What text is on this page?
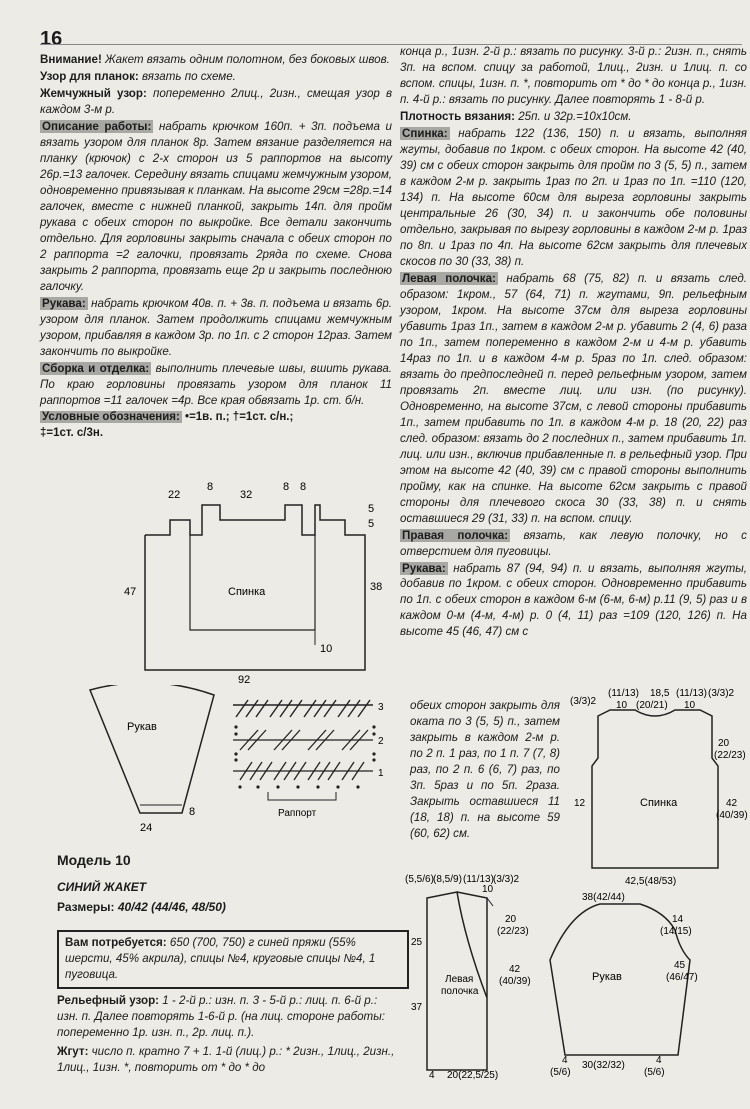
16

Внимание! Жакет вязать одним полотном, без боковых швов.

Узор для планок: вязать по схеме.

Жемчужный узор: попеременно 2лиц., 2изн., смещая узор в каждом 3-м р.

Описание работы: набрать крючком 160п. + 3п. подъема и вязать узором для планок 8р. Затем вязание разделяется на планку (крючок) с 2-х сторон из 5 раппортов на высоту 26р.=13 галочек. Середину вязать спицами жемчужным узором, одновременно привязывая к планкам. На высоте 29см =28р.=14 галочек, вместе с нижней планкой, закрыть 14п. для пройм рукава с обеих сторон по выкройке. Все детали закончить отдельно. Для горловины закрыть сначала с обеих сторон по 2 раппорта =2 галочки, провязать 2ряда по схеме. Снова закрыть 2 раппорта, провязать еще 2р и закрыть последнюю галочку.

Рукава: набрать крючком 40в. п. + 3в. п. подъема и вязать 6р. узором для планок. Затем продолжить спицами жемчужным узором, прибавляя в каждом 3р. по 1п. с 2 сторон 12раз. Затем закончить по выкройке.

Сборка и отделка: выполнить плечевые швы, вшить рукава. По краю горловины провязать узором для планок 11 раппортов =11 галочек =4р. Все края обвязать 1р. ст. б/н.

Условные обозначения: •=1в. п.; †=1ст. с/н.;
‡=1ст. с/3н.

Спинка
22
8
32
8 8
5
5
47	38
10
92
Рукав
8
24
3
2
1
Раппорт
Модель 10
СИНИЙ ЖАКЕТ
Размеры: 40/42 (44/46, 48/50)
Вам потребуется: 650 (700, 750) г синей пряжи (55% шерсти, 45% акрила), спицы №4, круговые спицы №4, 1 пуговица.

Рельефный узор: 1 - 2-й р.: изн. п. 3 - 5-й р.: лиц. п. 6-й р.: изн. п. Далее повторять 1-6-й р. (на лиц. стороне работы: попеременно 1р. изн. п., 2р. лиц. п.).

Жгут: число п. кратно 7 + 1. 1-й (лиц.) р.: * 2изн., 1лиц., 2изн., 1лиц., 1изн. *, повторить от * до * до

конца р., 1изн. 2-й р.: вязать по рисунку. 3-й р.: 2изн. п., снять 3п. на вспом. спицу за работой, 1лиц., 2изн. и 1лиц. п. со вспом. спицы, 1изн. п. *, повторить от * до * до конца р., 1изн. п. 4-й р.: вязать по рисунку. Далее повторять 1 - 8-й р.

Плотность вязания: 25п. и 32р.=10х10см.

Спинка: набрать 122 (136, 150) п. и вязать, выполняя жгуты, добавив по 1кром. с обеих сторон. На высоте 42 (40, 39) см с обеих сторон закрыть для пройм по 3 (5, 5) п., затем в каждом 2-м р. закрыть 1раз по 2п. и 1раз по 1п. =110 (120, 134) п. На высоте 60см для выреза горловины закрыть центральные 26 (30, 34) п. и закончить обе половины отдельно, закрывая по вырезу горловины в каждом 2-м р. 1раз по 8п. и 1раз по 4п. На высоте 62см закрыть для плечевых скосов по 30 (33, 38) п.

Левая полочка: набрать 68 (75, 82) п. и вязать след. образом: 1кром., 57 (64, 71) п. жгутами, 9п. рельефным узором, 1кром. На высоте 37см для выреза горловины убавить 1раз 1п., затем в каждом 2-м р. убавить 2 (4, 6) раза по 1п., затем попеременно в каждом 2-м и 4-м р. убавить 14раз по 1п. и в каждом 4-м р. 5раз по 1п. след. образом: вязать до предпоследней п. перед рельефным узором, затем провязать 2п. вместе лиц. или изн. (по рисунку). Одновременно, на высоте 37см, с левой стороны прибавить 1п., затем прибавить по 1п. в каждом 4-м р. 18 (20, 22) раз след. образом: вязать до 2 последних п., затем прибавить 1п. лиц. или изн., включив прибавленные п. в рельефный узор. При этом на высоте 42 (40, 39) см с правой стороны выполнить пройму, как на спинке. На высоте 62см закрыть с правой стороны для плечевого скоса 30 (33, 38) п. и снять оставшиеся 29 (31, 33) п. на вспом. спицу.

Правая полочка: вязать, как левую полочку, но с отверстием для пуговицы.

Рукава: набрать 87 (94, 94) п. и вязать, выполняя жгуты, добавив по 1кром. с обеих сторон. Одновременно прибавить по 1п. с обеих сторон в каждом 6-м (6-м, 6-м) р.11 (9, 5) раз и в каждом 0-м (4-м, 4-м) р. 0 (4, 11) раз =109 (120, 126) п. На высоте 45 (46, 47) см с

обеих сторон закрыть для оката по 3 (5, 5) п., затем закрыть в каждом 2-м р. по 2 п. 1 раз, по 1 п. 7 (7, 8) раз, по 2 п. 6 (6, 7) раз, по 3п. 5раз и по 5п. 2раза. Закрыть оставшиеся 11 (18, 18) п. на высоте 59 (60, 62) см.

(3/3)2
(11/13) 18,5 (11/13) (3/3)2
10 (20/21) 10
20
(22/23)
12	Спинка	42
(40/39)
42,5(48/53)
(5,5/6) (8,5/9) (11/13) (3/3)2
10
20
(22/23)
25
Левая
полочка
42
(40/39)
37
4 20(22,5/25)
38(42/44)
14
(14/15)
Рукав
45
(46/47)
4
(5/6)
30(32/32)	4
(5/6)
